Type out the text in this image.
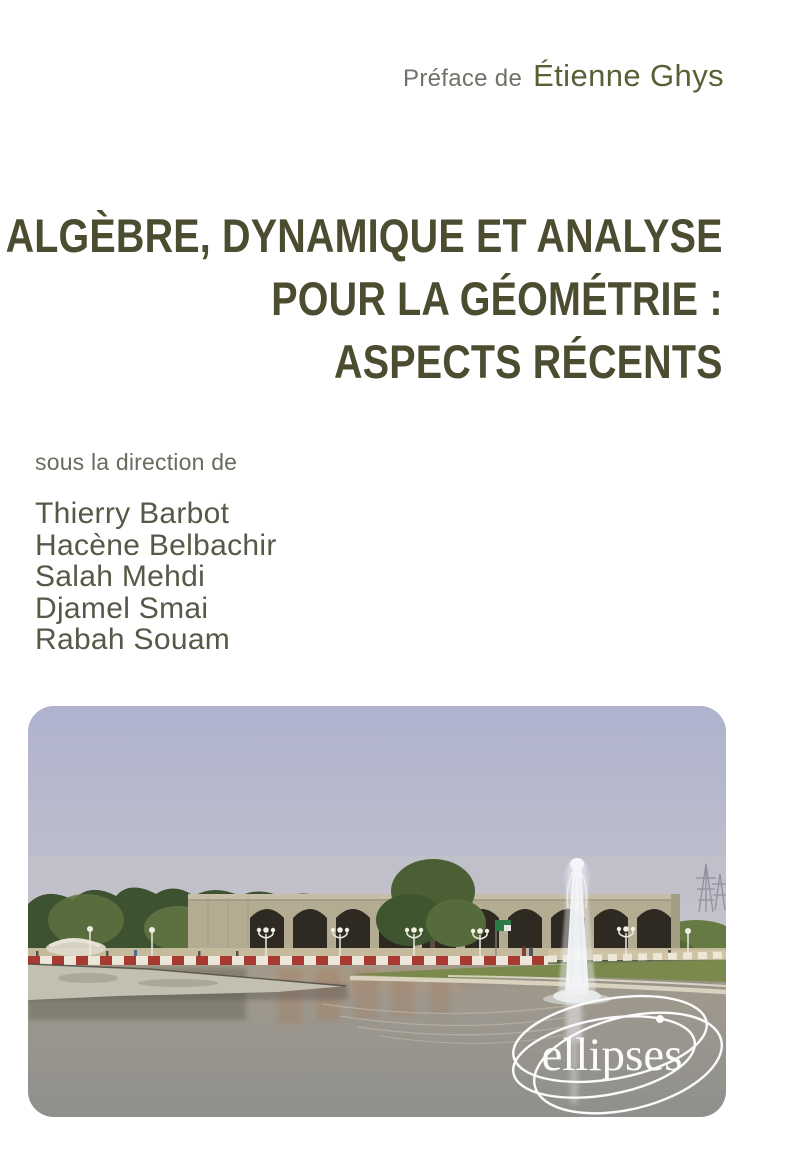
Préface de Étienne Ghys
ALGÈBRE, DYNAMIQUE ET ANALYSE
POUR LA GÉOMÉTRIE :
ASPECTS RÉCENTS
sous la direction de
Thierry Barbot
Hacène Belbachir
Salah Mehdi
Djamel Smai
Rabah Souam
ellipses
